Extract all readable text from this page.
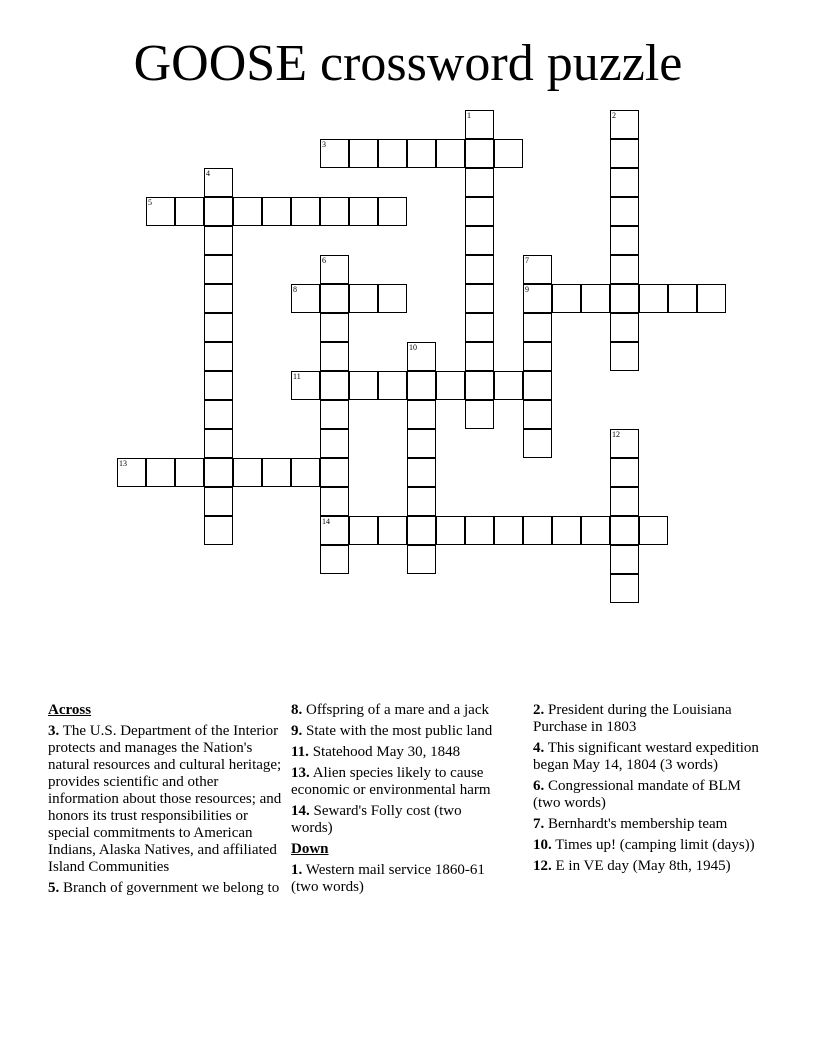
GOOSE crossword puzzle
1	2
3
4
5
6
14
7
9
8
10
11
12
13
Across
3. The U.S. Department of the Interior protects and manages the Nation's natural resources and cultural heritage; provides scientific and other information about those resources; and honors its trust responsibilities or special commitments to American Indians, Alaska Natives, and affiliated Island Communities
5. Branch of government we belong to
8. Offspring of a mare and a jack
9. State with the most public land
11. Statehood May 30, 1848
13. Alien species likely to cause economic or environmental harm
14. Seward's Folly cost (two words)
Down
1. Western mail service 1860-61 (two words)
2. President during the Louisiana Purchase in 1803
4. This significant westard expedition began May 14, 1804 (3 words)
6. Congressional mandate of BLM (two words)
7. Bernhardt's membership team
10. Times up! (camping limit (days))
12. E in VE day (May 8th, 1945)
